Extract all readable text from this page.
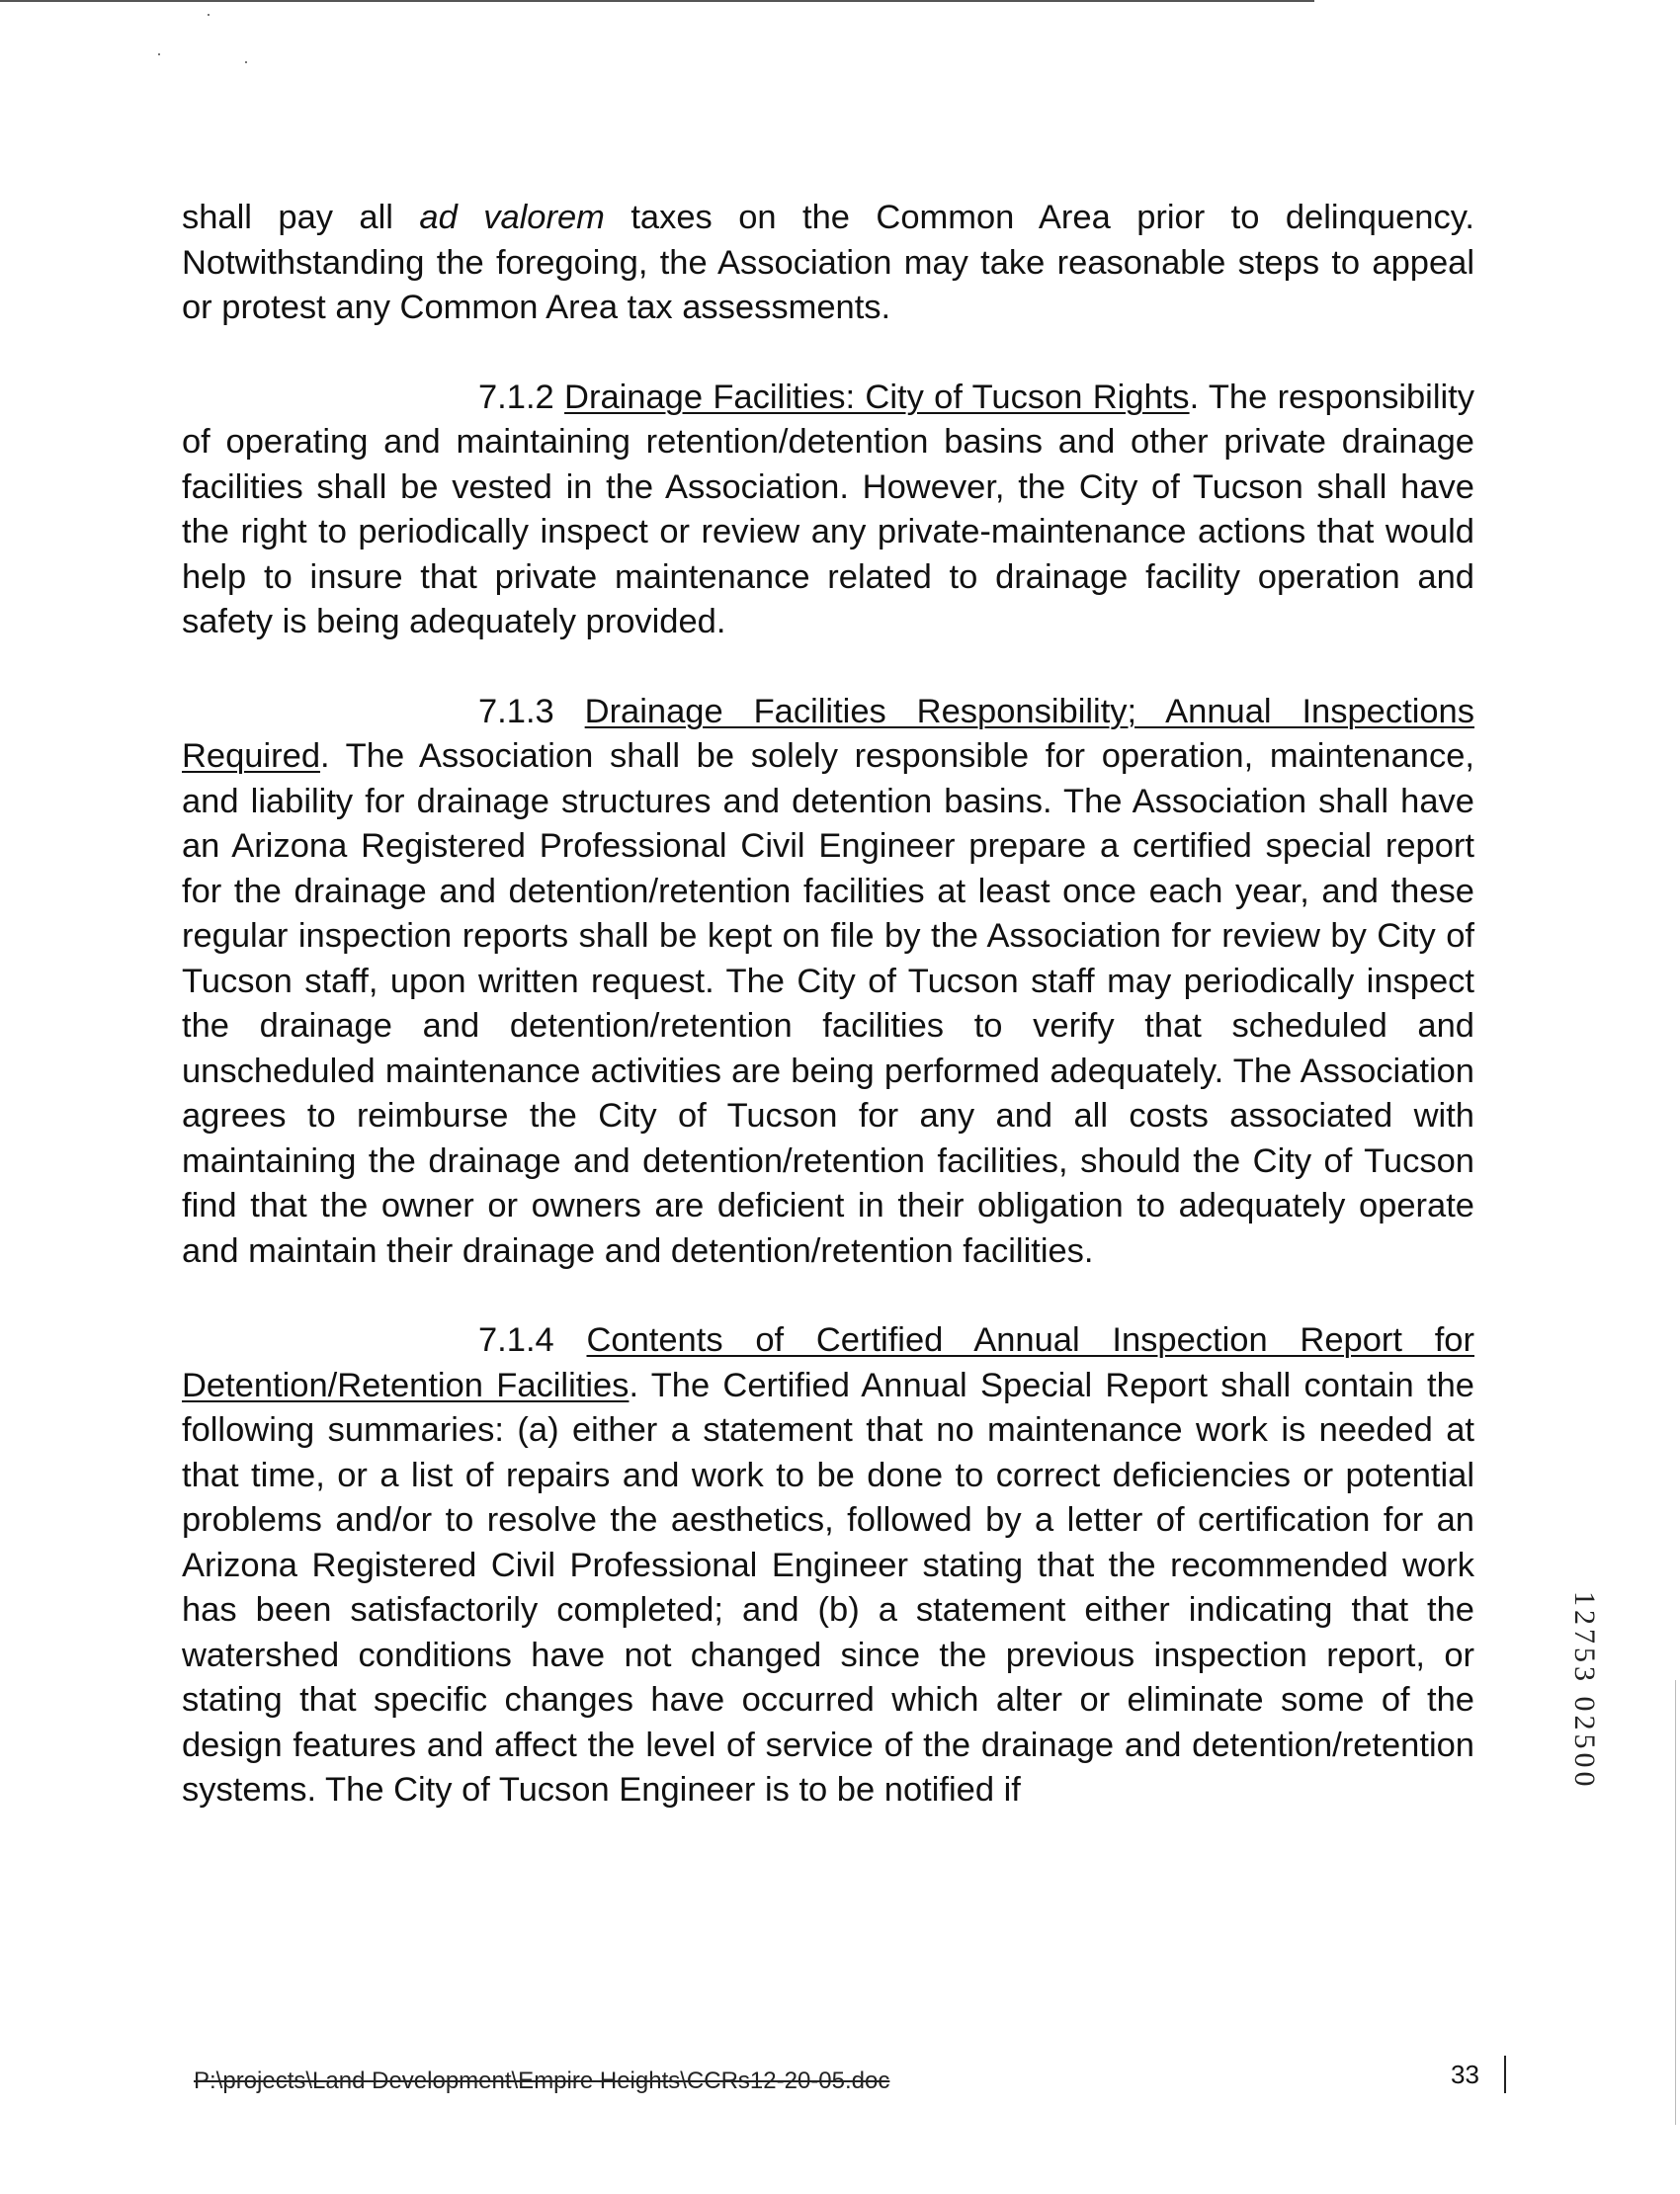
shall pay all ad valorem taxes on the Common Area prior to delinquency. Notwithstanding the foregoing, the Association may take reasonable steps to appeal or protest any Common Area tax assessments.

7.1.2 Drainage Facilities: City of Tucson Rights. The responsibility of operating and maintaining retention/detention basins and other private drainage facilities shall be vested in the Association. However, the City of Tucson shall have the right to periodically inspect or review any private-maintenance actions that would help to insure that private maintenance related to drainage facility operation and safety is being adequately provided.

7.1.3 Drainage Facilities Responsibility; Annual Inspections Required. The Association shall be solely responsible for operation, maintenance, and liability for drainage structures and detention basins. The Association shall have an Arizona Registered Professional Civil Engineer prepare a certified special report for the drainage and detention/retention facilities at least once each year, and these regular inspection reports shall be kept on file by the Association for review by City of Tucson staff, upon written request. The City of Tucson staff may periodically inspect the drainage and detention/retention facilities to verify that scheduled and unscheduled maintenance activities are being performed adequately. The Association agrees to reimburse the City of Tucson for any and all costs associated with maintaining the drainage and detention/retention facilities, should the City of Tucson find that the owner or owners are deficient in their obligation to adequately operate and maintain their drainage and detention/retention facilities.

7.1.4 Contents of Certified Annual Inspection Report for Detention/Retention Facilities. The Certified Annual Special Report shall contain the following summaries: (a) either a statement that no maintenance work is needed at that time, or a list of repairs and work to be done to correct deficiencies or potential problems and/or to resolve the aesthetics, followed by a letter of certification for an Arizona Registered Civil Professional Engineer stating that the recommended work has been satisfactorily completed; and (b) a statement either indicating that the watershed conditions have not changed since the previous inspection report, or stating that specific changes have occurred which alter or eliminate some of the design features and affect the level of service of the drainage and detention/retention systems. The City of Tucson Engineer is to be notified if	12753 02500
P:\projects\Land Development\Empire Heights\CCRs12-20-05.doc	33
